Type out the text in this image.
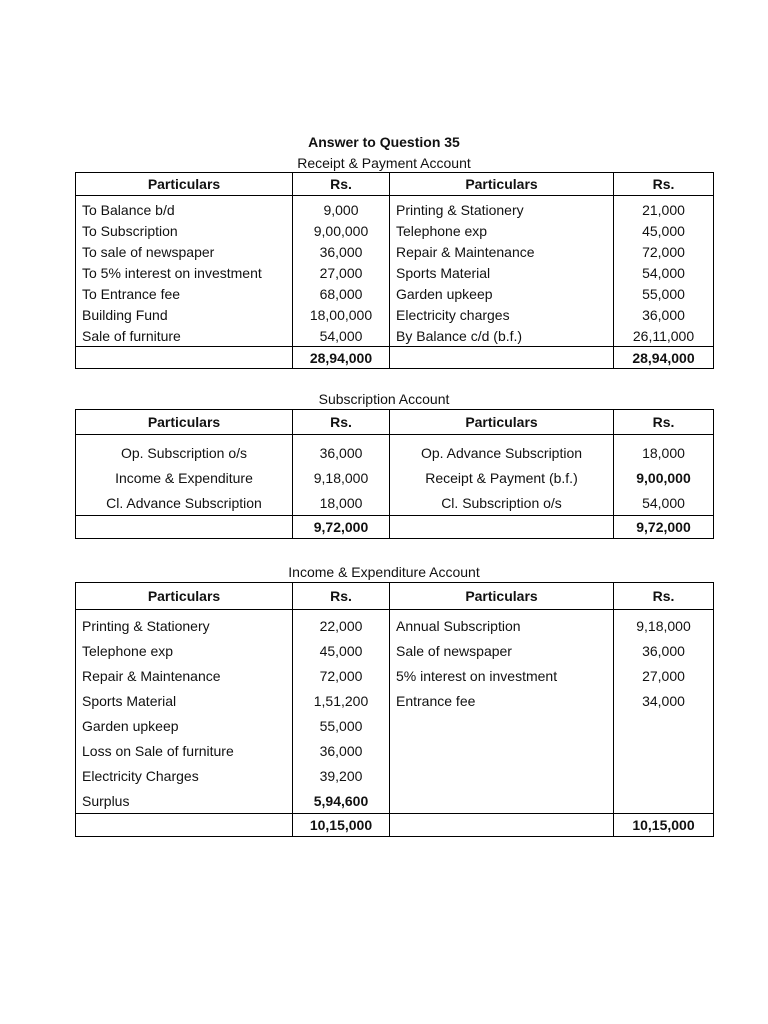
Answer to Question 35
Receipt & Payment Account
Particulars	Rs.	Particulars	Rs.
To Balance b/d	9,000	Printing & Stationery	21,000
To Subscription	9,00,000	Telephone exp	45,000
To sale of newspaper	36,000	Repair & Maintenance	72,000
To 5% interest on investment	27,000	Sports Material	54,000
To Entrance fee	68,000	Garden upkeep	55,000
Building Fund	18,00,000	Electricity charges	36,000
Sale of furniture	54,000	By Balance c/d (b.f.)	26,11,000
	28,94,000		28,94,000
Subscription Account
Particulars	Rs.	Particulars	Rs.
Op. Subscription o/s	36,000	Op. Advance Subscription	18,000
Income & Expenditure	9,18,000	Receipt & Payment (b.f.)	9,00,000
Cl. Advance Subscription	18,000	Cl. Subscription o/s	54,000
	9,72,000		9,72,000
Income & Expenditure Account
Particulars	Rs.	Particulars	Rs.
Printing & Stationery	22,000	Annual Subscription	9,18,000
Telephone exp	45,000	Sale of newspaper	36,000
Repair & Maintenance	72,000	5% interest on investment	27,000
Sports Material	1,51,200	Entrance fee	34,000
Garden upkeep	55,000		
Loss on Sale of furniture	36,000		
Electricity Charges	39,200		
Surplus	5,94,600		
	10,15,000		10,15,000
